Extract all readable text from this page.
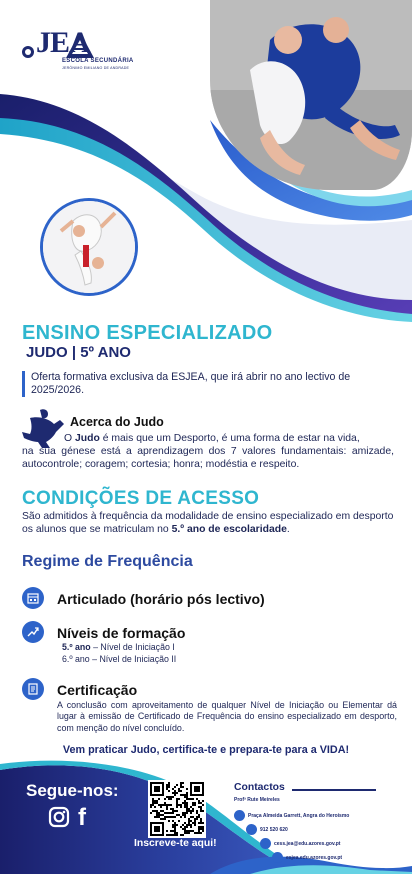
JEA
ESCOLA SECUNDÁRIA
JERÓNIMO EMILIANO DE ANDRADE
ENSINO ESPECIALIZADO
JUDO | 5º ANO
Oferta formativa exclusiva da ESJEA, que irá abrir no ano lectivo de 2025/2026.
Acerca do Judo
O Judo é mais que um Desporto, é uma forma de estar na vida,
na sua génese está a aprendizagem dos 7 valores fundamentais: amizade, autocontrole; coragem; cortesia; honra; modéstia e respeito.
CONDIÇÕES DE ACESSO
São admitidos à frequência da modalidade de ensino especializado em desporto os alunos que se matriculam no 5.º ano de escolaridade.
Regime de Frequência
Articulado (horário pós lectivo)
Níveis de formação
5.º ano – Nível de Iniciação I
6.º ano – Nível de Iniciação II
Certificação
A conclusão com aproveitamento de qualquer Nível de Iniciação ou Elementar dá lugar à emissão de Certificado de Frequência do ensino especializado em desporto, com menção do nível concluído.
Vem praticar Judo, certifica-te e prepara-te para a VIDA!
Segue-nos:
f
Inscreve-te aqui!
Contactos
Profª Rute Meireles
Praça Almeida Garrett, Angra do Heroísmo
912 520 620
cess.jea@edu.azores.gov.pt
esjea.edu.azores.gov.pt
